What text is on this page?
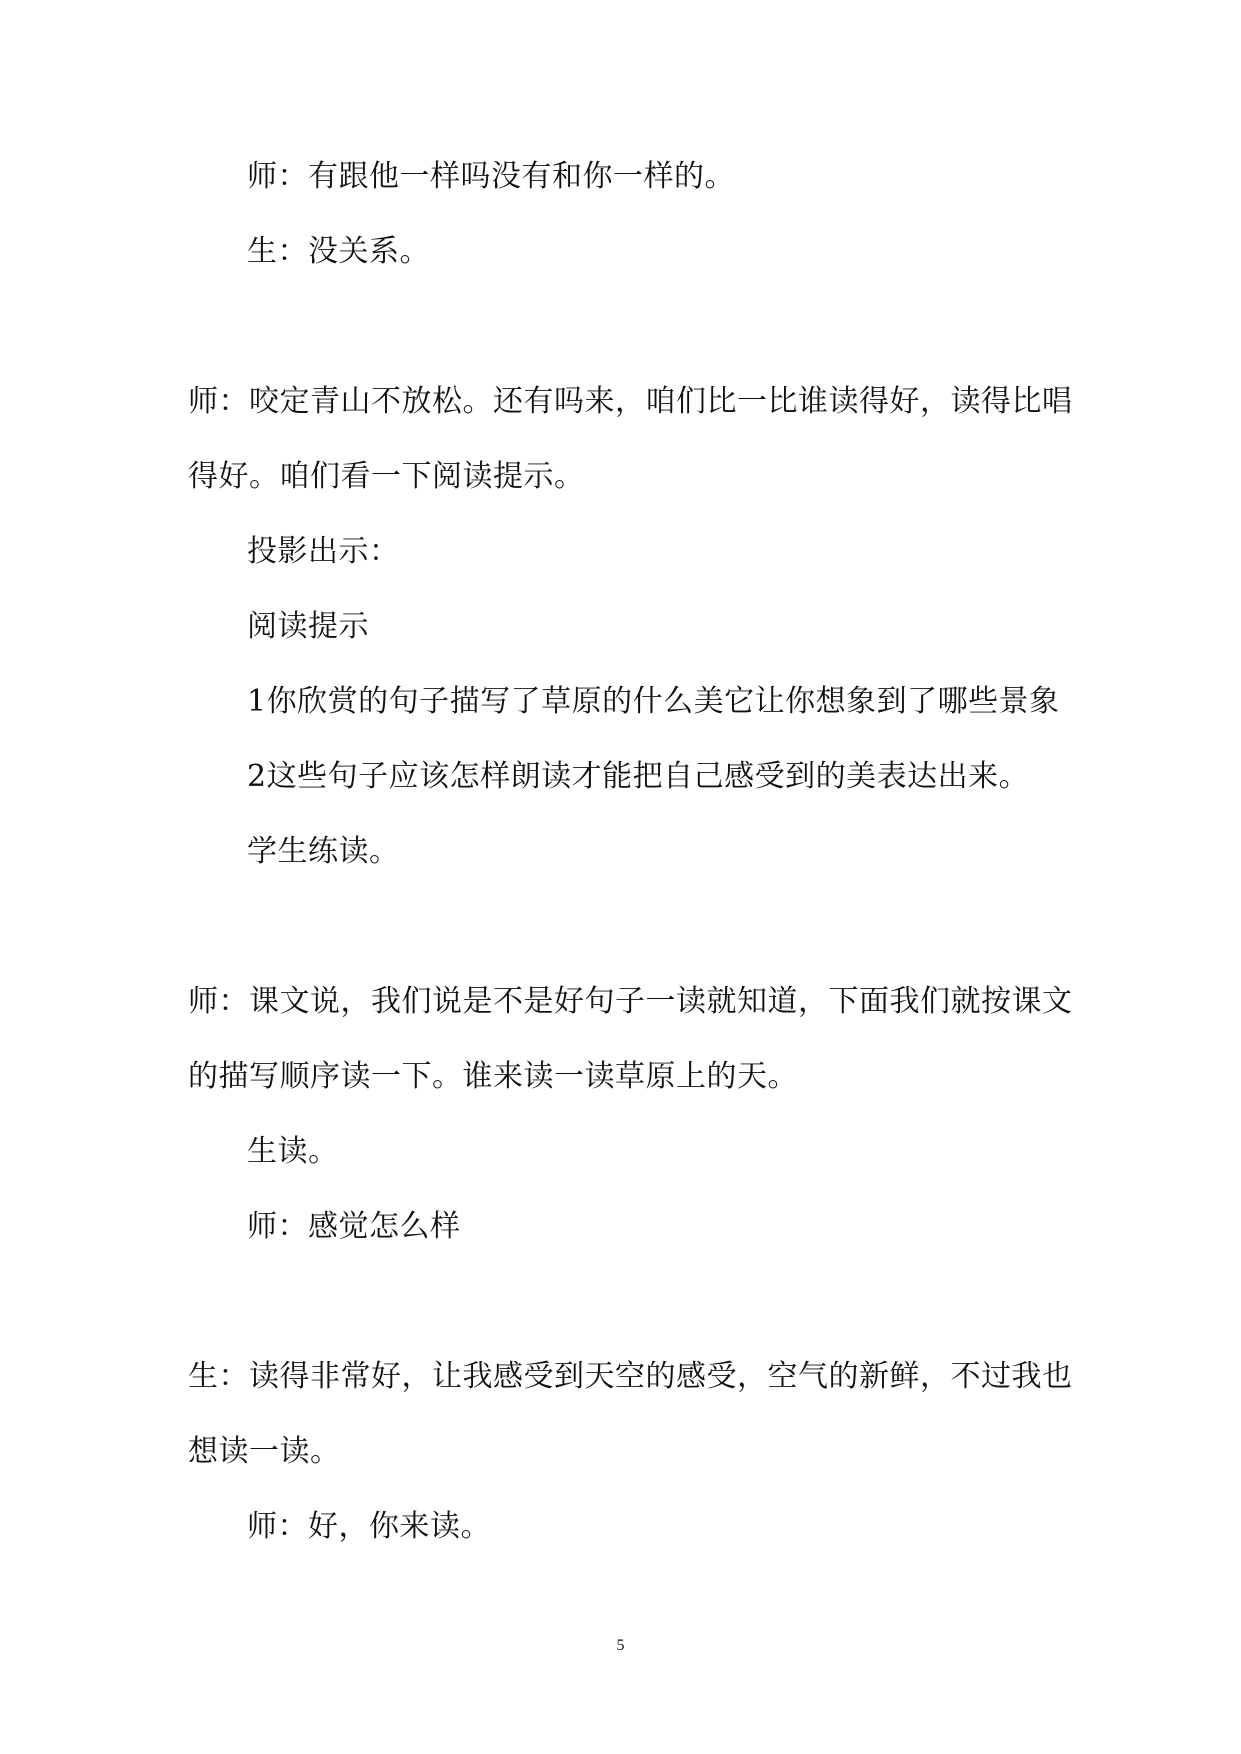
师：有跟他一样吗没有和你一样的。
生：没关系。
师：咬定青山不放松。还有吗来，咱们比一比谁读得好，读得比唱
得好。咱们看一下阅读提示。
投影出示：
阅读提示
1你欣赏的句子描写了草原的什么美它让你想象到了哪些景象
2这些句子应该怎样朗读才能把自己感受到的美表达出来。
学生练读。
师：课文说，我们说是不是好句子一读就知道，下面我们就按课文
的描写顺序读一下。谁来读一读草原上的天。
生读。
师：感觉怎么样
生：读得非常好，让我感受到天空的感受，空气的新鲜，不过我也
想读一读。
师：好，你来读。
5
